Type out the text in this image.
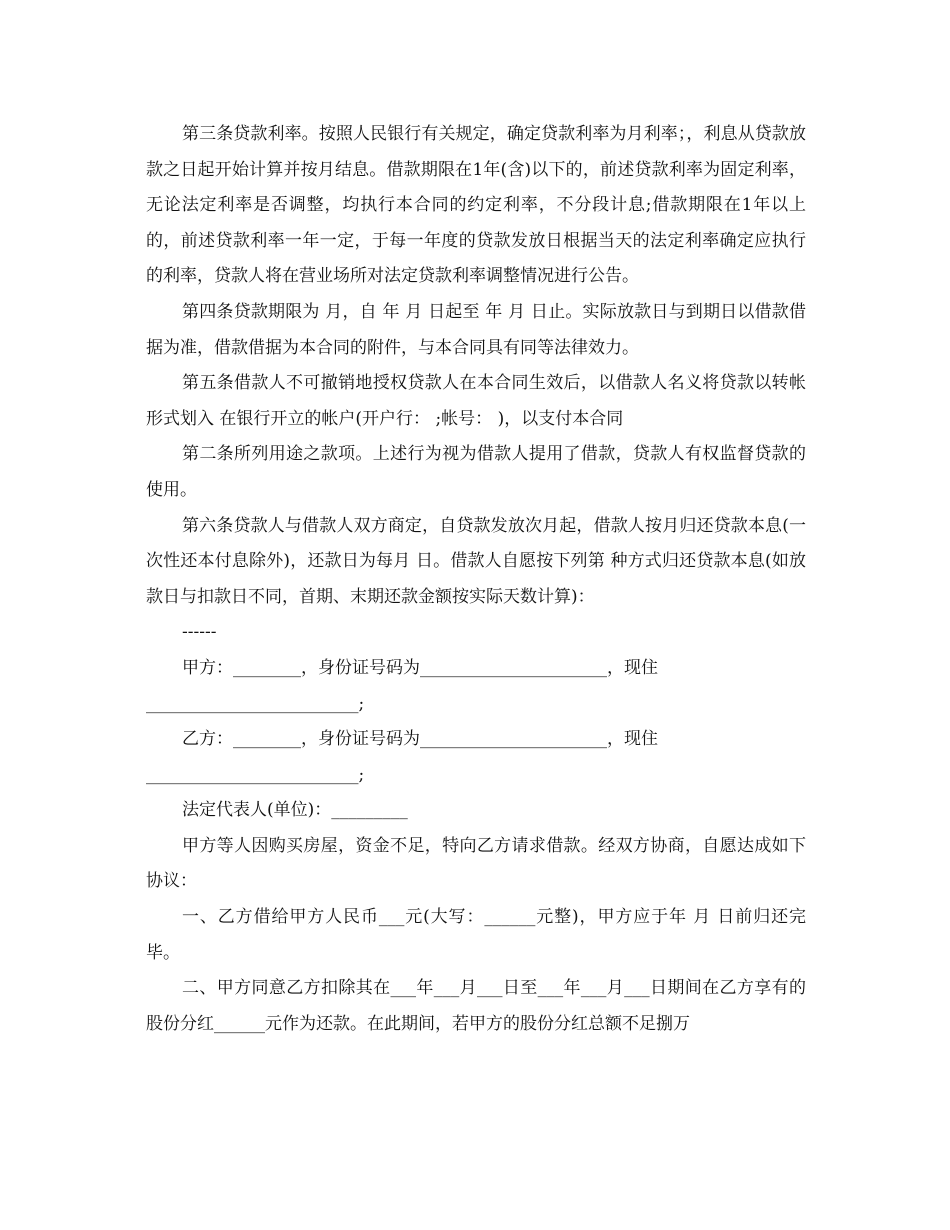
第三条贷款利率。按照人民银行有关规定，确定贷款利率为月利率；，利息从贷款放款之日起开始计算并按月结息。借款期限在1年(含)以下的，前述贷款利率为固定利率，无论法定利率是否调整，均执行本合同的约定利率，不分段计息;借款期限在1年以上的，前述贷款利率一年一定，于每一年度的贷款发放日根据当天的法定利率确定应执行的利率，贷款人将在营业场所对法定贷款利率调整情况进行公告。

第四条贷款期限为 月，自 年 月 日起至 年 月 日止。实际放款日与到期日以借款借据为准，借款借据为本合同的附件，与本合同具有同等法律效力。

第五条借款人不可撤销地授权贷款人在本合同生效后，以借款人名义将贷款以转帐形式划入 在银行开立的帐户(开户行： ;帐号： )，以支付本合同

第二条所列用途之款项。上述行为视为借款人提用了借款，贷款人有权监督贷款的使用。

第六条贷款人与借款人双方商定，自贷款发放次月起，借款人按月归还贷款本息(一次性还本付息除外)，还款日为每月 日。借款人自愿按下列第 种方式归还贷款本息(如放款日与扣款日不同，首期、末期还款金额按实际天数计算)：

------

甲方：________，身份证号码为______________________，现住

_________________________;

乙方：________，身份证号码为______________________，现住

_________________________;

法定代表人(单位)：_________

甲方等人因购买房屋，资金不足，特向乙方请求借款。经双方协商，自愿达成如下协议：

一、乙方借给甲方人民币___元(大写：______元整)，甲方应于年 月 日前归还完毕。

二、甲方同意乙方扣除其在___年___月___日至___年___月___日期间在乙方享有的股份分红______元作为还款。在此期间，若甲方的股份分红总额不足捌万
